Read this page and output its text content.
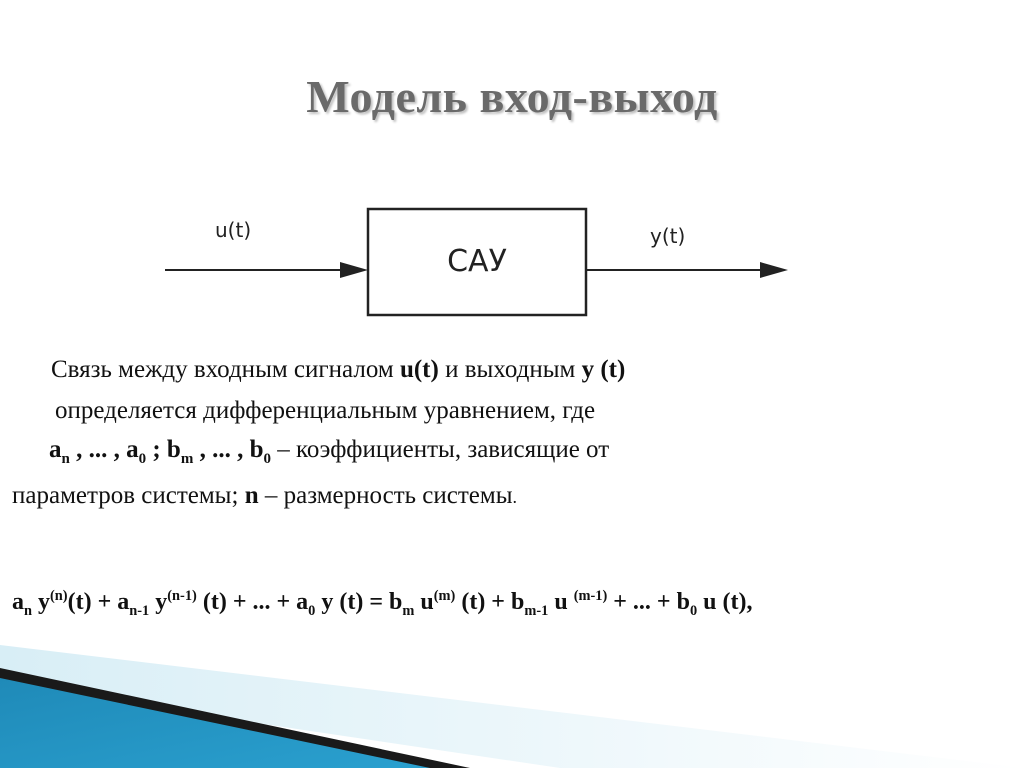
Модель вход-выход
u(t)
САУ
y(t)
Связь между входным сигналом u(t) и выходным y (t)
определяется дифференциальным уравнением, где
$a_n$ , ... , $a_0$ ; $b_m$ , ... , $b_0$ – коэффициенты, зависящие от
параметров системы; n – размерность системы.
$a_n$ $y^{(n)}(t) + a_{n-1}$ $y^{(n-1)}$ (t) + ... + $a_0$ y $(t) = b_m$ $u^{(m)}$ $(t) + b_{m-1}$ u $^{(m-1)}$ + ... + $b_0$ u (t),
